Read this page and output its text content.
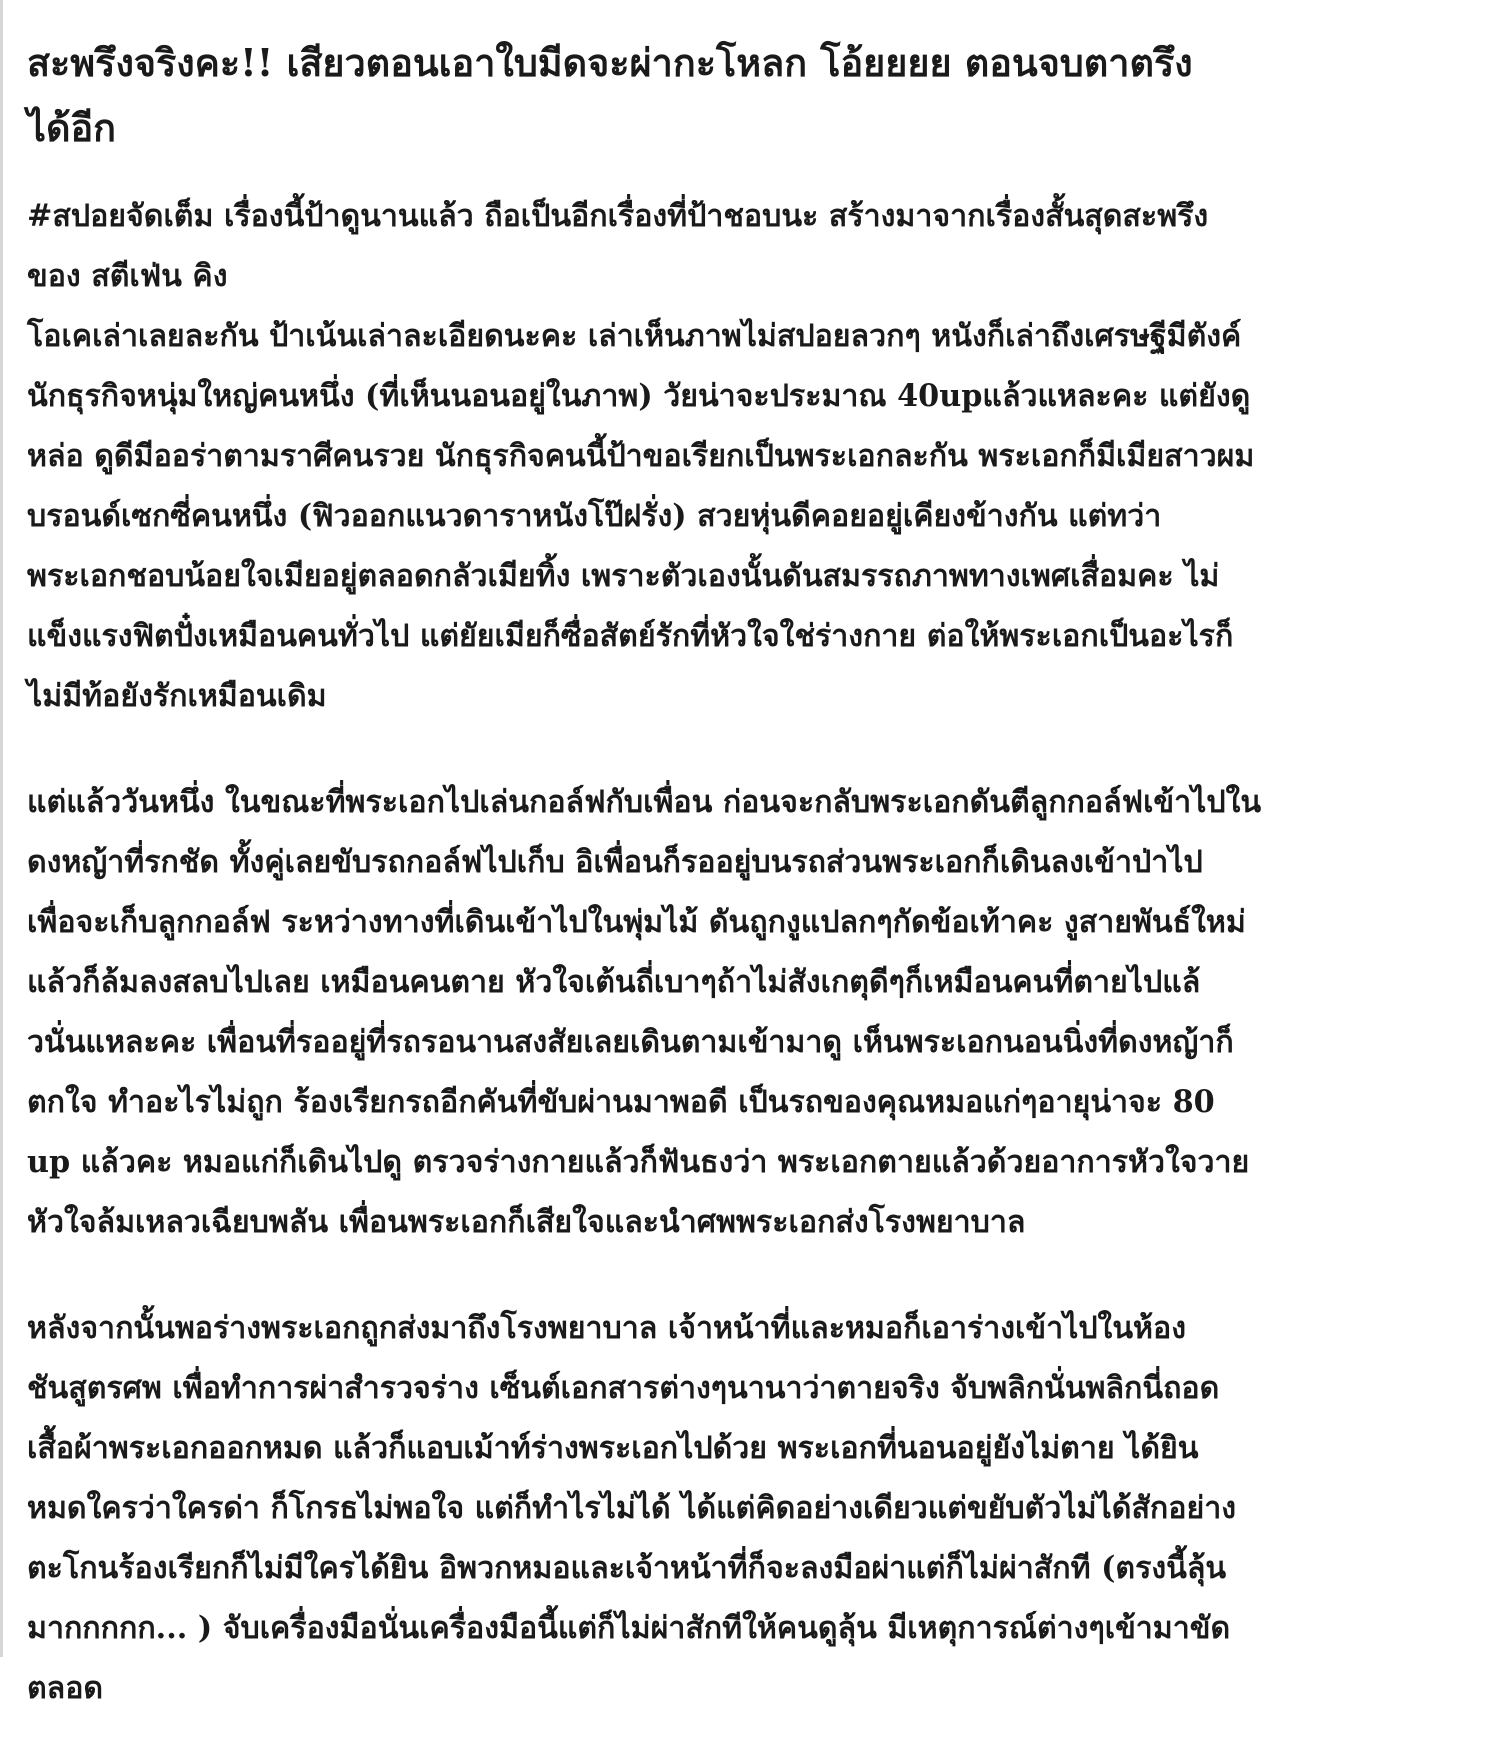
สะพรึงจริงคะ!! เสียวตอนเอาใบมีดจะผ่ากะโหลก โอ้ยยยย ตอนจบตาตรึง
ได้อีก
#สปอยจัดเต็ม เรื่องนี้ป้าดูนานแล้ว ถือเป็นอีกเรื่องที่ป้าชอบนะ สร้างมาจากเรื่องสั้นสุดสะพรึง
ของ สตีเฟ่น คิง
โอเคเล่าเลยละกัน ป้าเน้นเล่าละเอียดนะคะ เล่าเห็นภาพไม่สปอยลวกๆ หนังก็เล่าถึงเศรษฐีมีตังค์
นักธุรกิจหนุ่มใหญ่คนหนึ่ง (ที่เห็นนอนอยู่ในภาพ) วัยน่าจะประมาณ 40upแล้วแหละคะ แต่ยังดู
หล่อ ดูดีมีออร่าตามราศีคนรวย นักธุรกิจคนนี้ป้าขอเรียกเป็นพระเอกละกัน พระเอกก็มีเมียสาวผม
บรอนด์เซกซี่คนหนึ่ง (ฟิวออกแนวดาราหนังโป๊ฝรั่ง) สวยหุ่นดีคอยอยู่เคียงข้างกัน แต่ทว่า
พระเอกชอบน้อยใจเมียอยู่ตลอดกลัวเมียทิ้ง เพราะตัวเองนั้นดันสมรรถภาพทางเพศเสื่อมคะ ไม่
แข็งแรงฟิตปั๋งเหมือนคนทั่วไป แต่ยัยเมียก็ซื่อสัตย์รักที่หัวใจใช่ร่างกาย ต่อให้พระเอกเป็นอะไรก็
ไม่มีท้อยังรักเหมือนเดิม
แต่แล้ววันหนึ่ง ในขณะที่พระเอกไปเล่นกอล์ฟกับเพื่อน ก่อนจะกลับพระเอกดันตีลูกกอล์ฟเข้าไปใน
ดงหญ้าที่รกชัด ทั้งคู่เลยขับรถกอล์ฟไปเก็บ อิเพื่อนก็รออยู่บนรถส่วนพระเอกก็เดินลงเข้าป่าไป
เพื่อจะเก็บลูกกอล์ฟ ระหว่างทางที่เดินเข้าไปในพุ่มไม้ ดันถูกงูแปลกๆกัดข้อเท้าคะ งูสายพันธ์ใหม่
แล้วก็ล้มลงสลบไปเลย เหมือนคนตาย หัวใจเต้นถี่เบาๆถ้าไม่สังเกตุดีๆก็เหมือนคนที่ตายไปแล้
วนั่นแหละคะ เพื่อนที่รออยู่ที่รถรอนานสงสัยเลยเดินตามเข้ามาดู เห็นพระเอกนอนนิ่งที่ดงหญ้าก็
ตกใจ ทำอะไรไม่ถูก ร้องเรียกรถอีกคันที่ขับผ่านมาพอดี เป็นรถของคุณหมอแก่ๆอายุน่าจะ 80
up แล้วคะ หมอแก่ก็เดินไปดู ตรวจร่างกายแล้วก็ฟันธงว่า พระเอกตายแล้วด้วยอาการหัวใจวาย
หัวใจล้มเหลวเฉียบพลัน เพื่อนพระเอกก็เสียใจและนำศพพระเอกส่งโรงพยาบาล
หลังจากนั้นพอร่างพระเอกถูกส่งมาถึงโรงพยาบาล เจ้าหน้าที่และหมอก็เอาร่างเข้าไปในห้อง
ชันสูตรศพ เพื่อทำการผ่าสำรวจร่าง เซ็นต์เอกสารต่างๆนานาว่าตายจริง จับพลิกนั่นพลิกนี่ถอด
เสื้อผ้าพระเอกออกหมด แล้วก็แอบเม้าท์ร่างพระเอกไปด้วย พระเอกที่นอนอยู่ยังไม่ตาย ได้ยิน
หมดใครว่าใครด่า ก็โกรธไม่พอใจ แต่ก็ทำไรไม่ได้ ได้แต่คิดอย่างเดียวแต่ขยับตัวไม่ได้สักอย่าง
ตะโกนร้องเรียกก็ไม่มีใครได้ยิน อิพวกหมอและเจ้าหน้าที่ก็จะลงมือผ่าแต่ก็ไม่ผ่าสักที (ตรงนี้ลุ้น
มากกกกก... ) จับเครื่องมือนั่นเครื่องมือนี้แต่ก็ไม่ผ่าสักทีให้คนดูลุ้น มีเหตุการณ์ต่างๆเข้ามาขัด
ตลอด
